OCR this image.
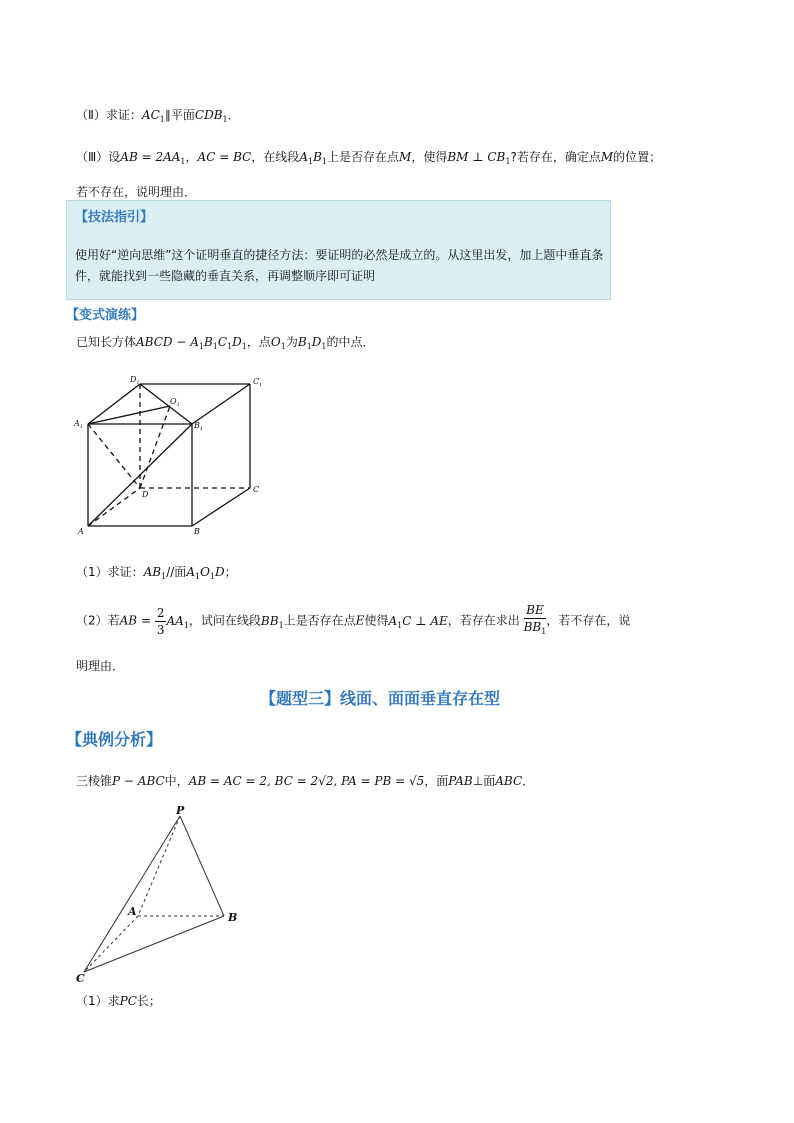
（Ⅱ）求证：$AC_1\parallel$平面$CDB_1$．
（Ⅲ）设AB = $2AA_1$，AC = BC，在线段$A_1B_1$上是否存在点M，使得BM ⊥ $CB_1$?若存在，确定点M的位置；
若不存在，说明理由．
【技法指引】
使用好“逆向思维”这个证明垂直的捷径方法：要证明的必然是成立的。从这里出发，加上题中垂直条件，就能找到一些隐藏的垂直关系，再调整顺序即可证明
【变式演练】
已知长方体ABCD − $A_1B_1C_1D_1$，点$O_1$为$B_1D_1$的中点．
$D_1$	$C_1$
$O_1$
$A_1$	$B_1$
D
C
A	B
（1）求证：$AB_1//$面$A_1O_1D$；
（2）若AB = $\frac{2}{3} AA_1$，试问在线段$BB_1$上是否存在点E使得$A_1C$ ⊥ AE，若存在求出 $\frac{BE}{BB_1}$ ，若不存在，说
明理由．
【题型三】线面、面面垂直存在型
【典例分析】
三棱锥P − ABC中，AB = AC = 2, BC = 2√2, PA = PB = √5，面PAB⊥面ABC．
P
A	B
C
（1）求PC长；
